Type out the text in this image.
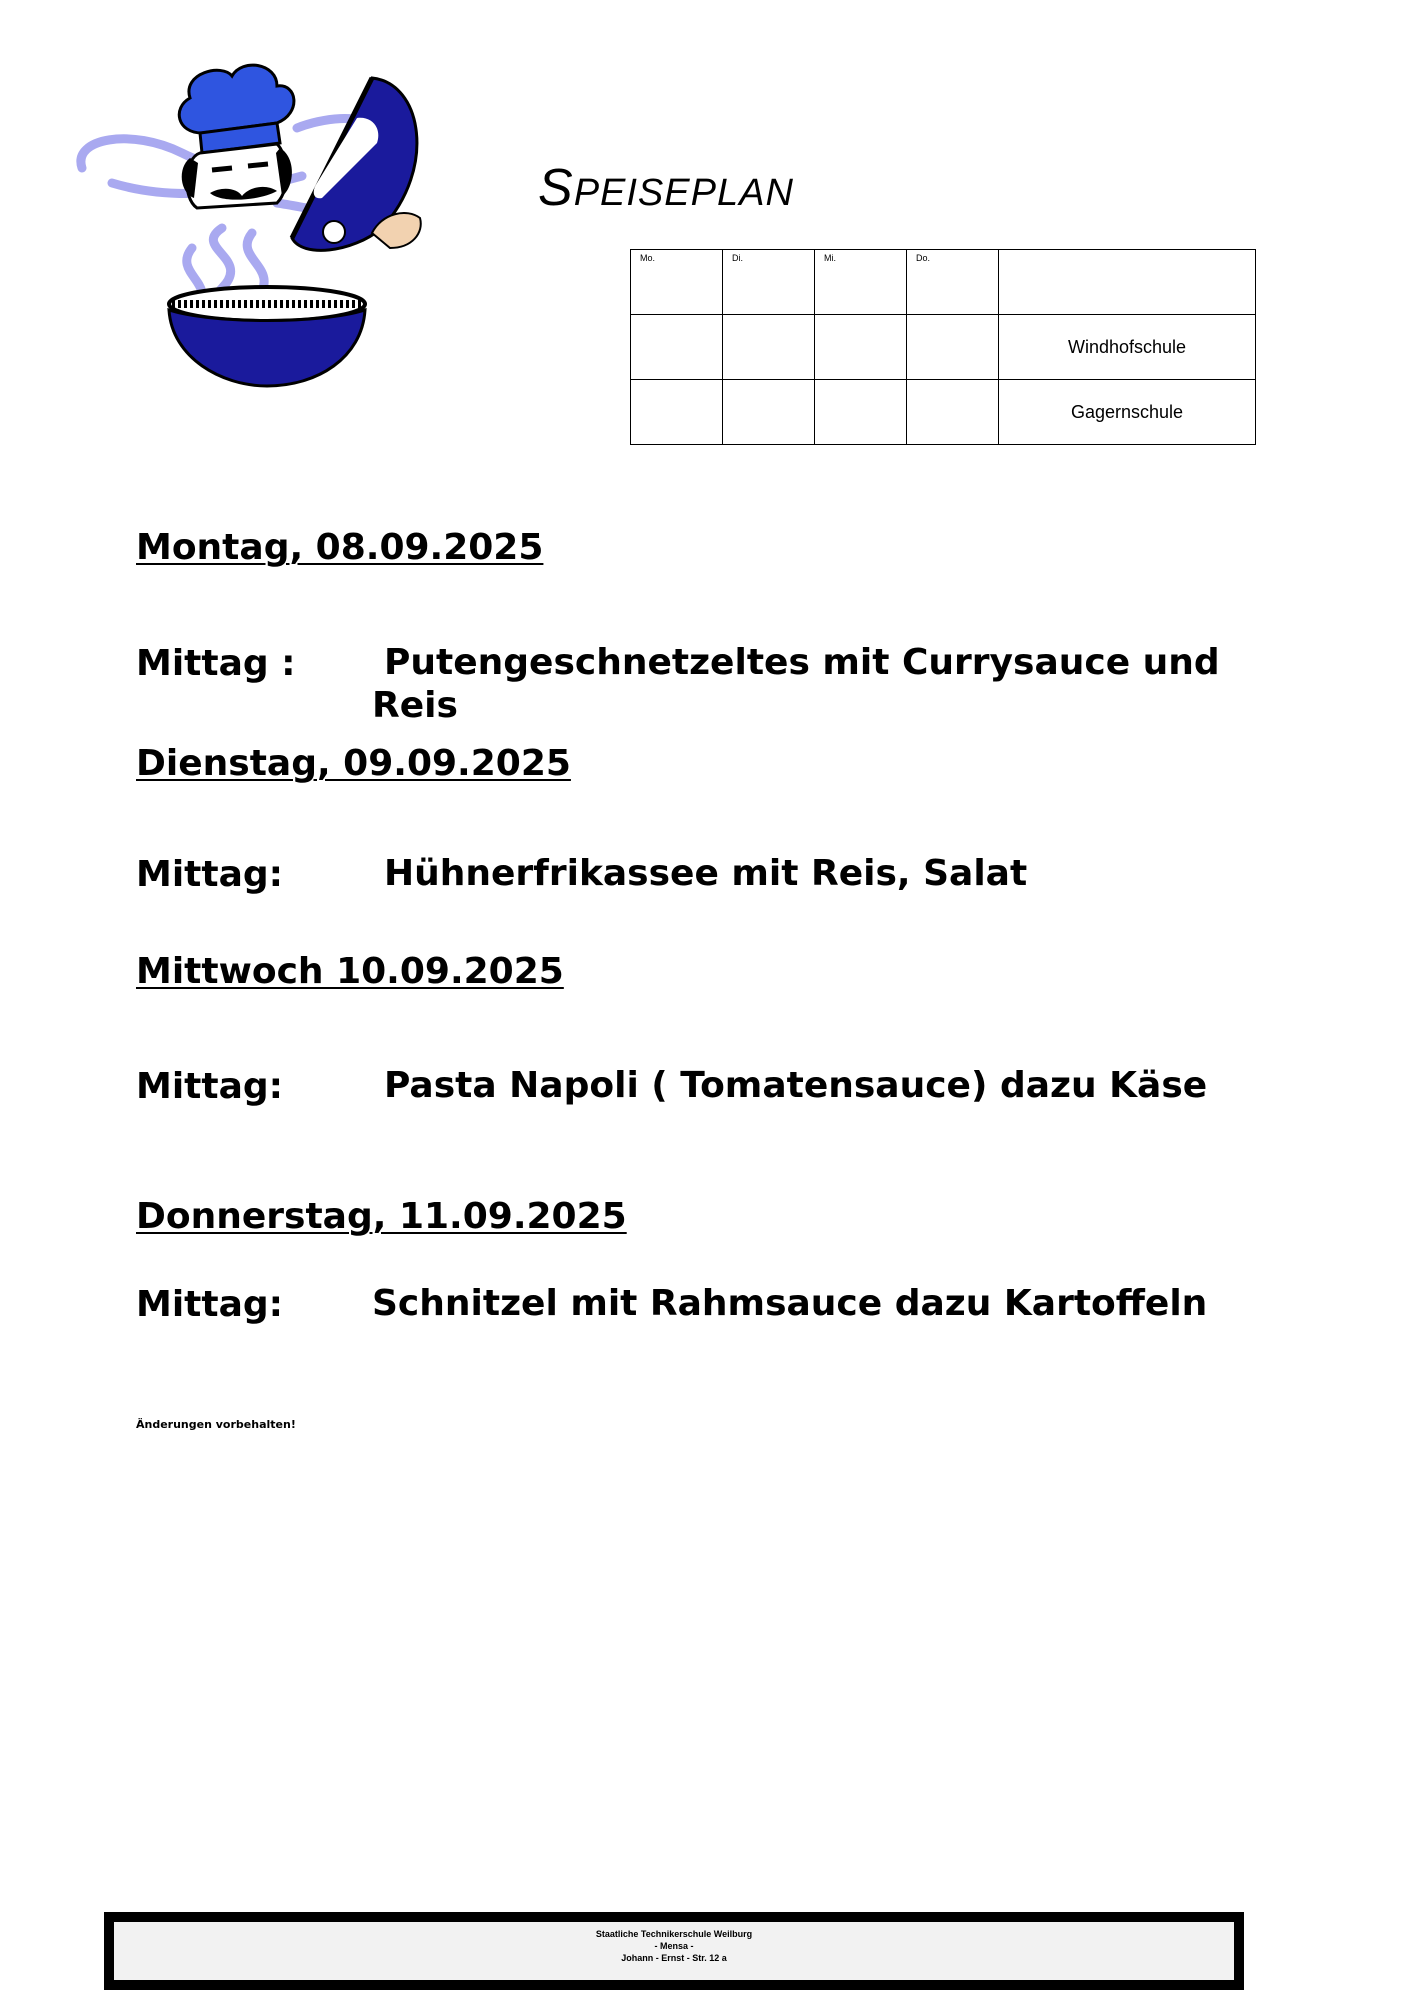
SPEISEPLAN
Mo.	Di.	Mi.	Do.	

				Windhofschule
				Gagernschule
Montag, 08.09.2025
Mittag : Putengeschnetzeltes mit Currysauce und
Reis
Dienstag, 09.09.2025
Mittag:	Hühnerfrikassee mit Reis, Salat
Mittwoch 10.09.2025
Mittag:	Pasta Napoli ( Tomatensauce) dazu Käse
Donnerstag, 11.09.2025
Mittag: Schnitzel mit Rahmsauce dazu Kartoffeln
Änderungen vorbehalten!
Staatliche Technikerschule Weilburg
- Mensa -
Johann - Ernst - Str. 12 a
